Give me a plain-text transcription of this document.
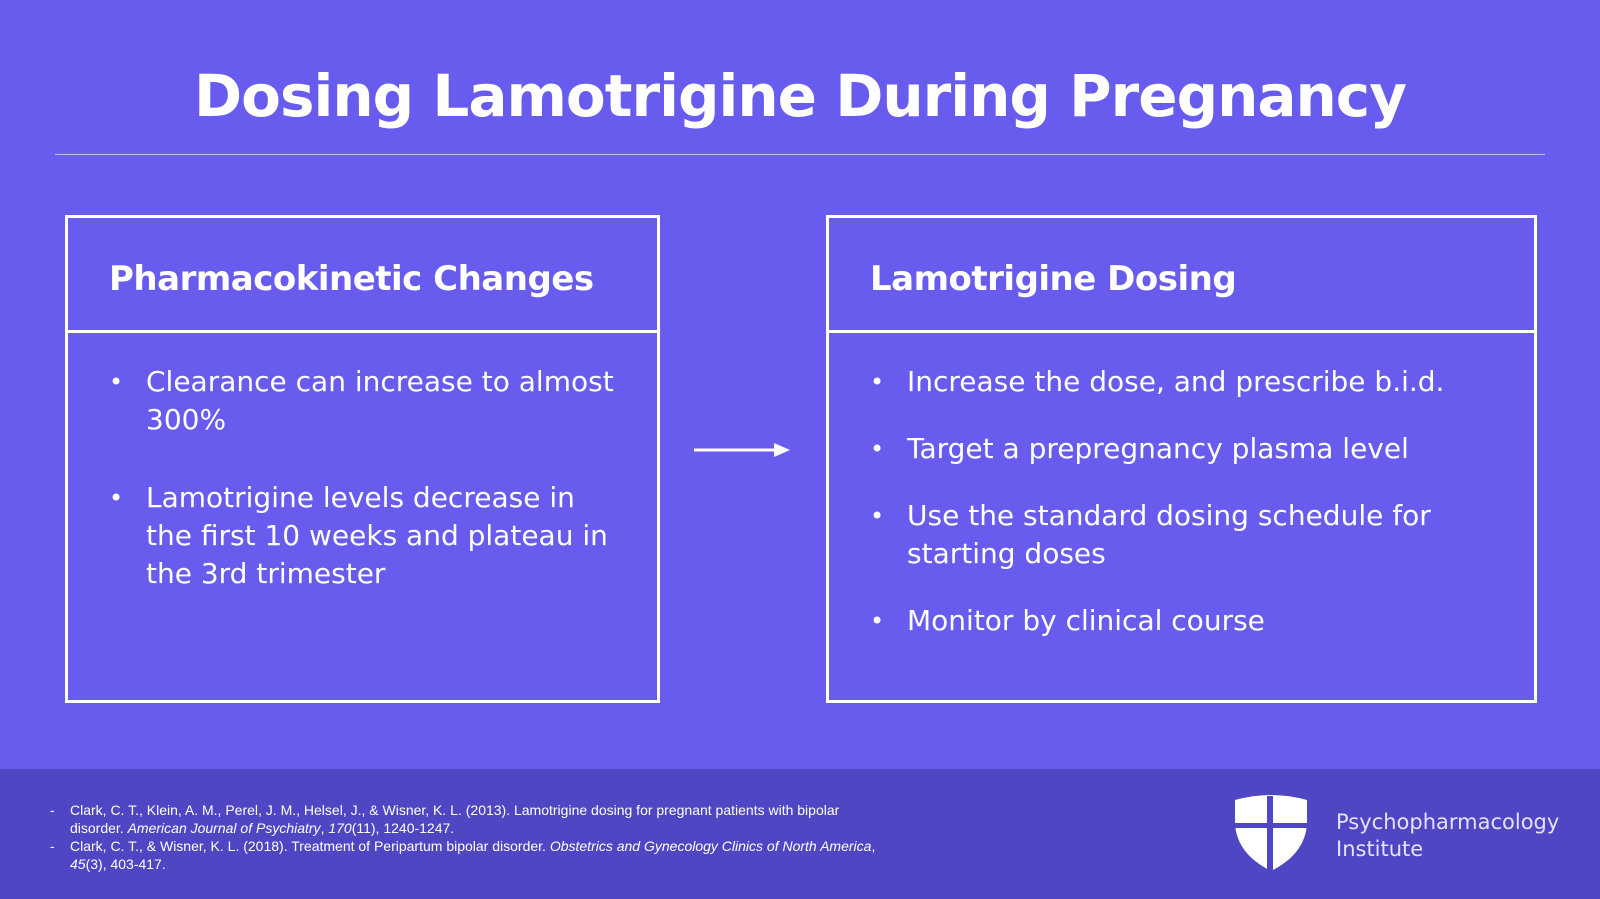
Dosing Lamotrigine During Pregnancy
Pharmacokinetic Changes
• Clearance can increase to almost 300%
• Lamotrigine levels decrease in the first 10 weeks and plateau in the 3rd trimester
Lamotrigine Dosing
• Increase the dose, and prescribe b.i.d.
• Target a prepregnancy plasma level
• Use the standard dosing schedule for starting doses
• Monitor by clinical course
- Clark, C. T., Klein, A. M., Perel, J. M., Helsel, J., & Wisner, K. L. (2013). Lamotrigine dosing for pregnant patients with bipolar disorder. American Journal of Psychiatry, 170(11), 1240-1247.
- Clark, C. T., & Wisner, K. L. (2018). Treatment of Peripartum bipolar disorder. Obstetrics and Gynecology Clinics of North America, 45(3), 403-417.
Psychopharmacology
Institute
